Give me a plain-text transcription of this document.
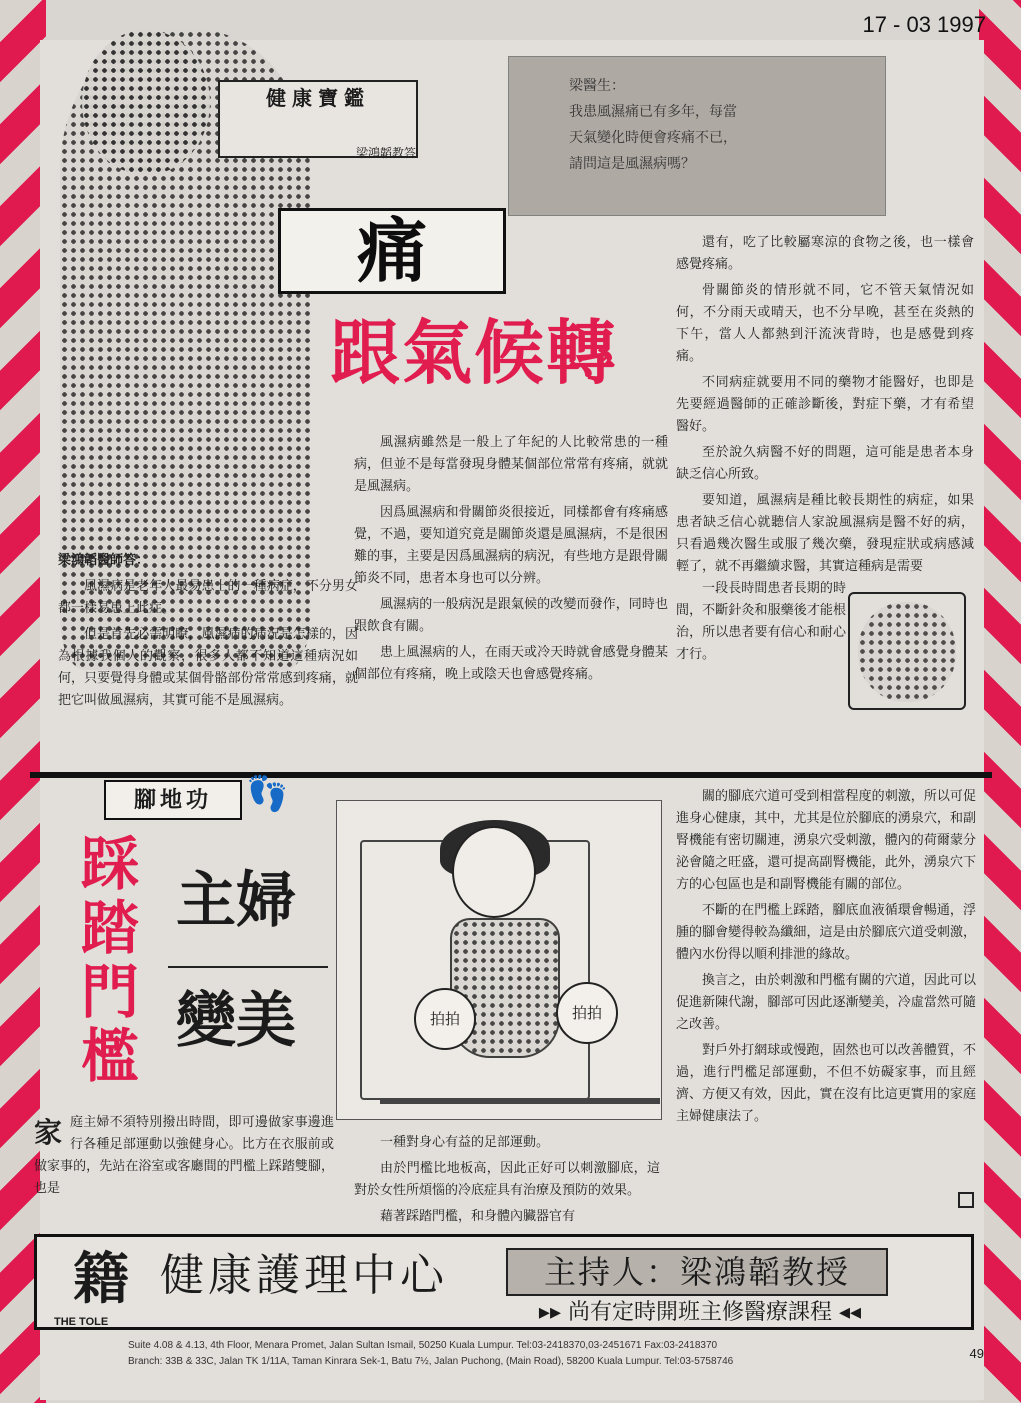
17 - 03 1997
健康寶鑑
梁鴻韜教答

梁醫生：

我患風濕痛已有多年，每當

天氣變化時便會疼痛不已，

請問這是風濕病嗎？

痛
跟氣候轉

還有，吃了比較屬寒涼的食物之後，也一樣會感覺疼痛。

骨關節炎的情形就不同，它不管天氣情況如何，不分雨天或晴天，也不分早晚，甚至在炎熱的下午，當人人都熱到汗流浹背時，也是感覺到疼痛。

不同病症就要用不同的藥物才能醫好，也即是先要經過醫師的正確診斷後，對症下藥，才有希望醫好。

至於說久病醫不好的問題，這可能是患者本身缺乏信心所致。

風濕病雖然是一般上了年紀的人比較常患的一種病，但並不是每當發現身體某個部位常常有疼痛，就就是風濕病。

因爲風濕病和骨關節炎很接近，同樣都會有疼痛感覺，不過，要知道究竟是關節炎還是風濕病，不是很困難的事，主要是因爲風濕病的病況，有些地方是跟骨關節炎不同，患者本身也可以分辨。

風濕病的一般病況是跟氣候的改變而發作，同時也跟飲食有關。

患上風濕病的人，在雨天或冷天時就會感覺身體某個部位有疼痛，晚上或陰天也會感覺疼痛。

梁鴻韜醫師答：

風濕病是老年人最易患上的一種病症，不分男女都一樣易患上此症。

但是首先必需明瞭，風濕病的病況是怎樣的，因為根據我個人的觀察，很多人都不知道這種病況如何，只要覺得身體或某個骨骼部份常常感到疼痛，就把它叫做風濕病，其實可能不是風濕病。

要知道，風濕病是種比較長期性的病症，如果患者缺乏信心就聽信人家說風濕病是醫不好的病，只看過幾次醫生或服了幾次藥，發現症狀或病感減輕了，就不再繼續求醫，其實這種病是需要

一段長時間患者長期的時間，不斷針灸和服藥後才能根治，所以患者要有信心和耐心才行。

腳地功	👣
踩
踏
門
檻
主婦
變美	拍拍	拍拍

關的腳底穴道可受到相當程度的刺激，所以可促進身心健康，其中，尤其是位於腳底的湧泉穴，和副腎機能有密切關連，湧泉穴受刺激，體內的荷爾蒙分泌會隨之旺盛，還可提高副腎機能，此外，湧泉穴下方的心包區也是和副腎機能有關的部位。

不斷的在門檻上踩踏，腳底血液循環會暢通，浮腫的腳會變得較為纖細，這是由於腳底穴道受刺激，體內水份得以順利排泄的緣故。

換言之，由於刺激和門檻有關的穴道，因此可以促進新陳代謝，腳部可因此逐漸變美，冷虛當然可隨之改善。

對戶外打網球或慢跑，固然也可以改善體質，不過，進行門檻足部運動，不但不妨礙家事，而且經濟、方便又有效，因此，實在沒有比這更實用的家庭主婦健康法了。

家 庭主婦不須特別撥出時間，即可邊做家事邊進行各種足部運動以強健身心。比方在衣服前或做家事的，先站在浴室或客廳間的門檻上踩踏雙腳，也是

一種對身心有益的足部運動。

由於門檻比地板高，因此正好可以刺激腳底，這對於女性所煩惱的冷底症具有治療及預防的效果。

藉著踩踏門檻，和身體內臟器官有

籍
THE TOLE
健康護理中心	主持人：梁鴻韜教授
▸▸ 尚有定時開班主修醫療課程 ◂◂
Suite 4.08 & 4.13, 4th Floor, Menara Promet, Jalan Sultan Ismail, 50250 Kuala Lumpur. Tel:03-2418370,03-2451671 Fax:03-2418370
Branch: 33B & 33C, Jalan TK 1/11A, Taman Kinrara Sek-1, Batu 7½, Jalan Puchong, (Main Road), 58200 Kuala Lumpur. Tel:03-5758746
49
